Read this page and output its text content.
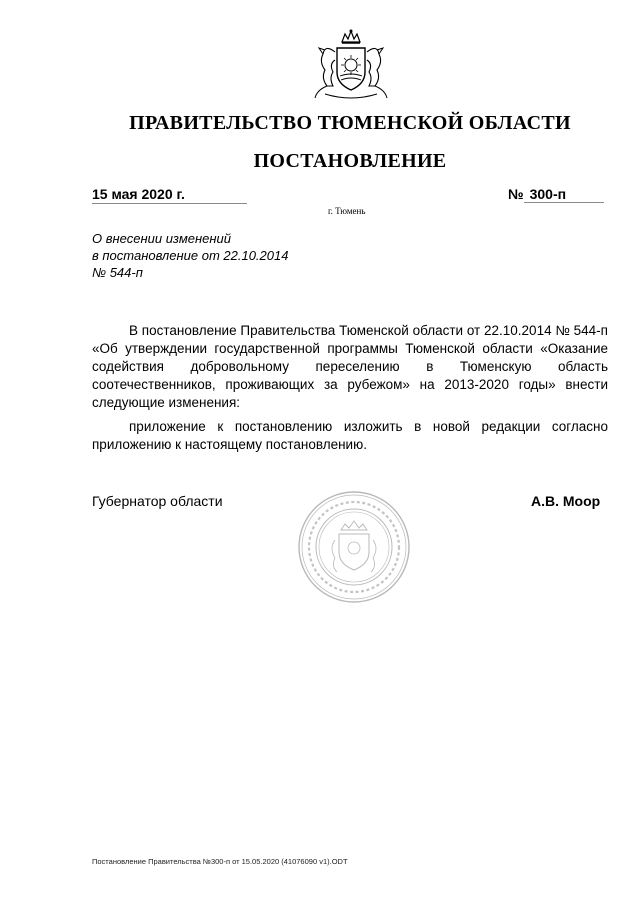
ПРАВИТЕЛЬСТВО ТЮМЕНСКОЙ ОБЛАСТИ
ПОСТАНОВЛЕНИЕ
15 мая 2020 г.	№ 300-п
г. Тюмень
О внесении изменений
в постановление от 22.10.2014
№ 544-п

В постановление Правительства Тюменской области от 22.10.2014 № 544-п «Об утверждении государственной программы Тюменской области «Оказание содействия добровольному переселению в Тюменскую область соотечественников, проживающих за рубежом» на 2013-2020 годы» внести следующие изменения:

приложение к постановлению изложить в новой редакции согласно приложению к настоящему постановлению.

Губернатор области	А.В. Моор
Постановление Правительства №300-п от 15.05.2020 (41076090 v1).ODT
